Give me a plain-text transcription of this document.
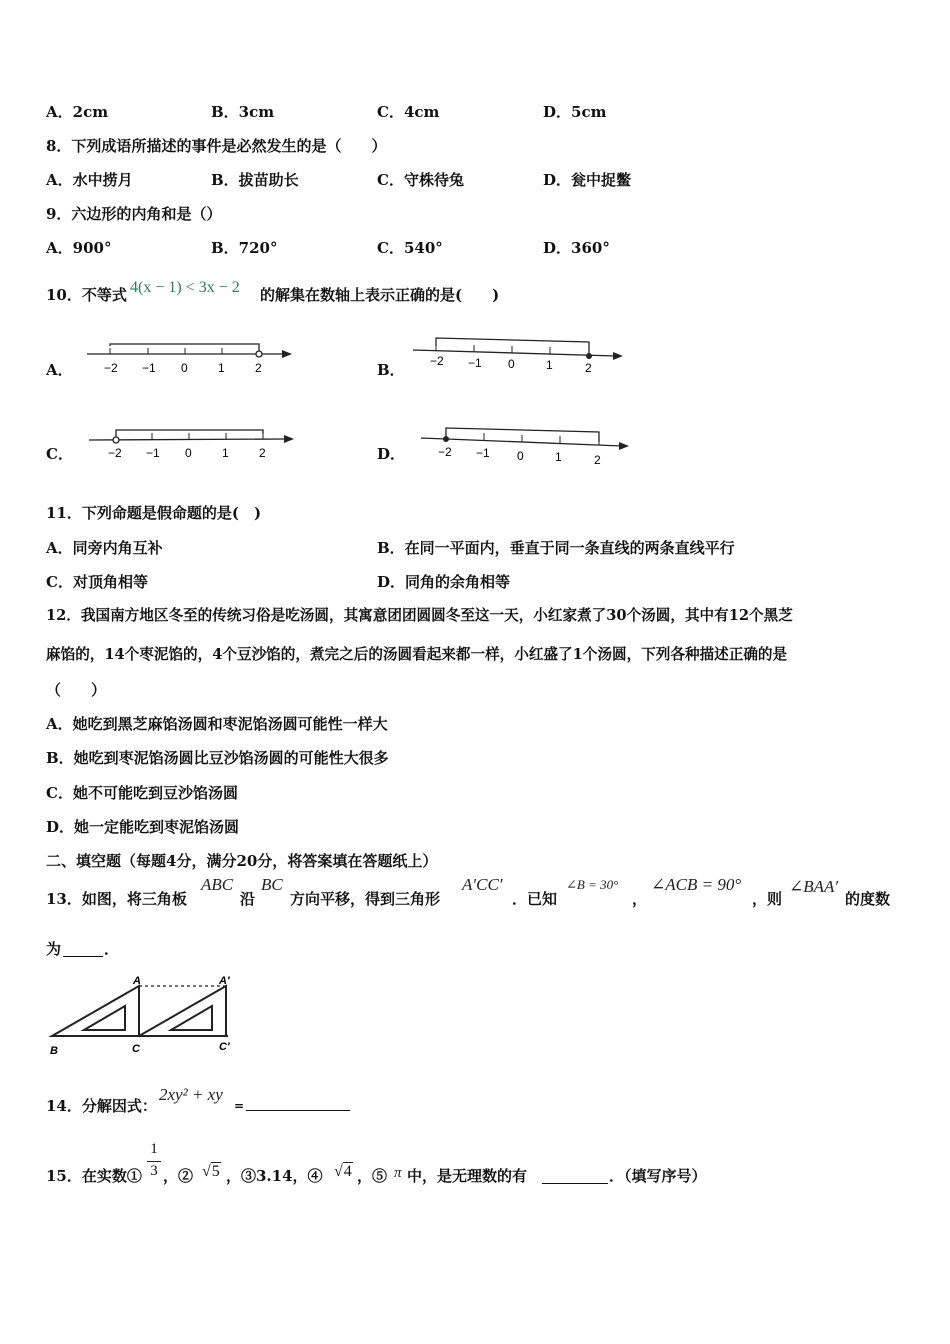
A．2cm	B．3cm	C．4cm	D．5cm
8．下列成语所描述的事件是必然发生的是（　　）
A．水中捞月	B．拔苗助长	C．守株待兔	D．瓮中捉鳖
9．六边形的内角和是（）
A．900°	B．720°	C．540°	D．360°
10．不等式 4(x − 1) < 3x − 2 的解集在数轴上表示正确的是(　　)
A．	B．
C．	D．
−2 −1 0	1	2	−2 −1 0	1	2
−2 −1 0	1	2	−2 −1 0	1	2
11．下列命题是假命题的是(　)
A．同旁内角互补	B．在同一平面内，垂直于同一条直线的两条直线平行
C．对顶角相等	D．同角的余角相等
12．我国南方地区冬至的传统习俗是吃汤圆，其寓意团团圆圆冬至这一天，小红家煮了30个汤圆，其中有12个黑芝
麻馅的，14个枣泥馅的，4个豆沙馅的，煮完之后的汤圆看起来都一样，小红盛了1个汤圆，下列各种描述正确的是
（　　）
A．她吃到黑芝麻馅汤圆和枣泥馅汤圆可能性一样大
B．她吃到枣泥馅汤圆比豆沙馅汤圆的可能性大很多
C．她不可能吃到豆沙馅汤圆
D．她一定能吃到枣泥馅汤圆
二、填空题（每题4分，满分20分，将答案填在答题纸上）
13．如图，将三角板
ABC
沿
BC
方向平移，得到三角形
A′CC′
．已知
∠B = 30°
，
∠ACB = 90°
，则
∠BAA′
的度数
为	．
A	A′
B	C	C′
14．分解因式：
2xy² + xy
=
15．在实数① $\frac{1}{3}$ ，② √5 ，③3.14，④ √4 ，⑤ π 中，是无理数的有	．（填写序号）
